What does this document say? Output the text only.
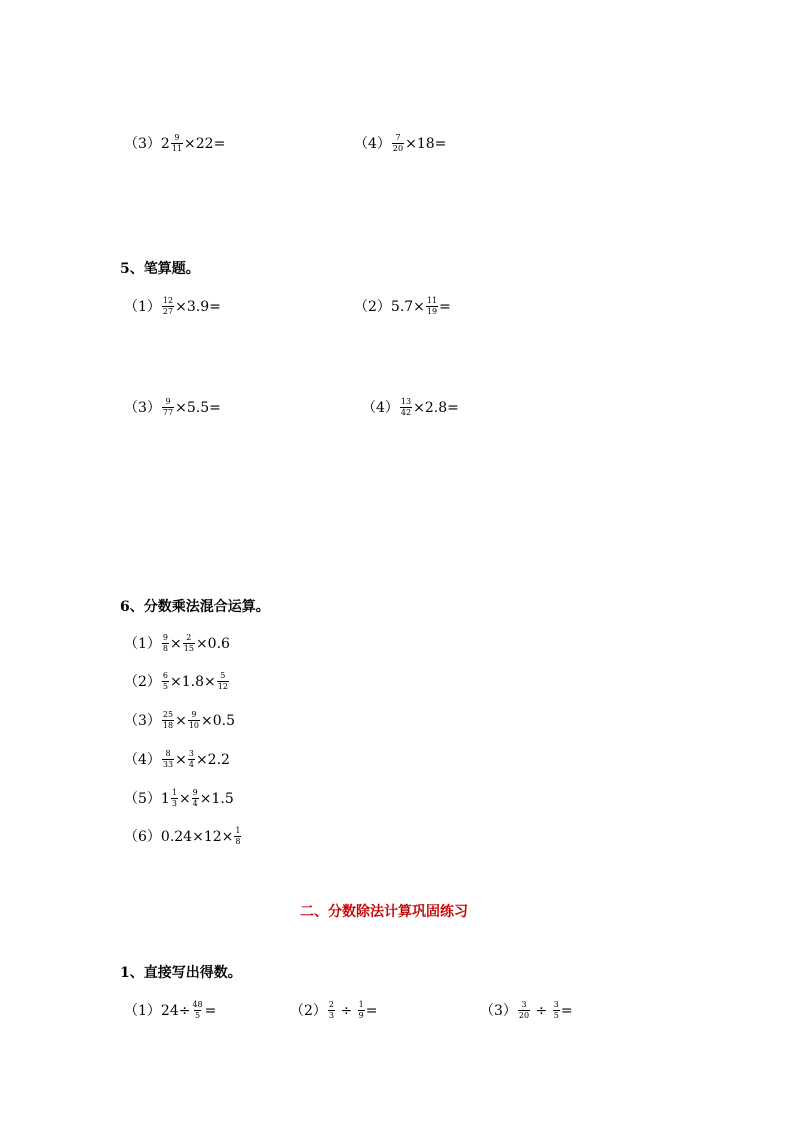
（3） $2 \frac{9}{11} \times 22=$	$(4) \frac{7}{20} \times 18=$
5、笔算题。
$(1) \frac{12}{27} \times 3.9=$	（2） $5.7\times \frac{11}{19}$ =
$(3) \frac{9}{77} \times 5.5=$	$(4) \frac{13}{42} \times 2.8=$
6、分数乘法混合运算。
$(1) \frac{9}{8} \times \frac{2}{15} \times 0.6$
$(2) \frac{6}{5} \times 1.8\times \frac{5}{12}$
$(3) \frac{25}{18} \times \frac{9}{10} \times 0.5$
$(4) \frac{8}{33} \times \frac{3}{4} \times 2.2$
（5） $1 \frac{1}{3} \times \frac{9}{4} \times 1.5$
（6） $0.24\times 12\times \frac{1}{8}$
二、分数除法计算巩固练习
1、直接写出得数。
（1） $24\div \frac{48}{5}$ =	$(2) \frac{2}{3} \div \frac{1}{9}$ =	$(3) \frac{3}{20} \div \frac{3}{5}$ =
